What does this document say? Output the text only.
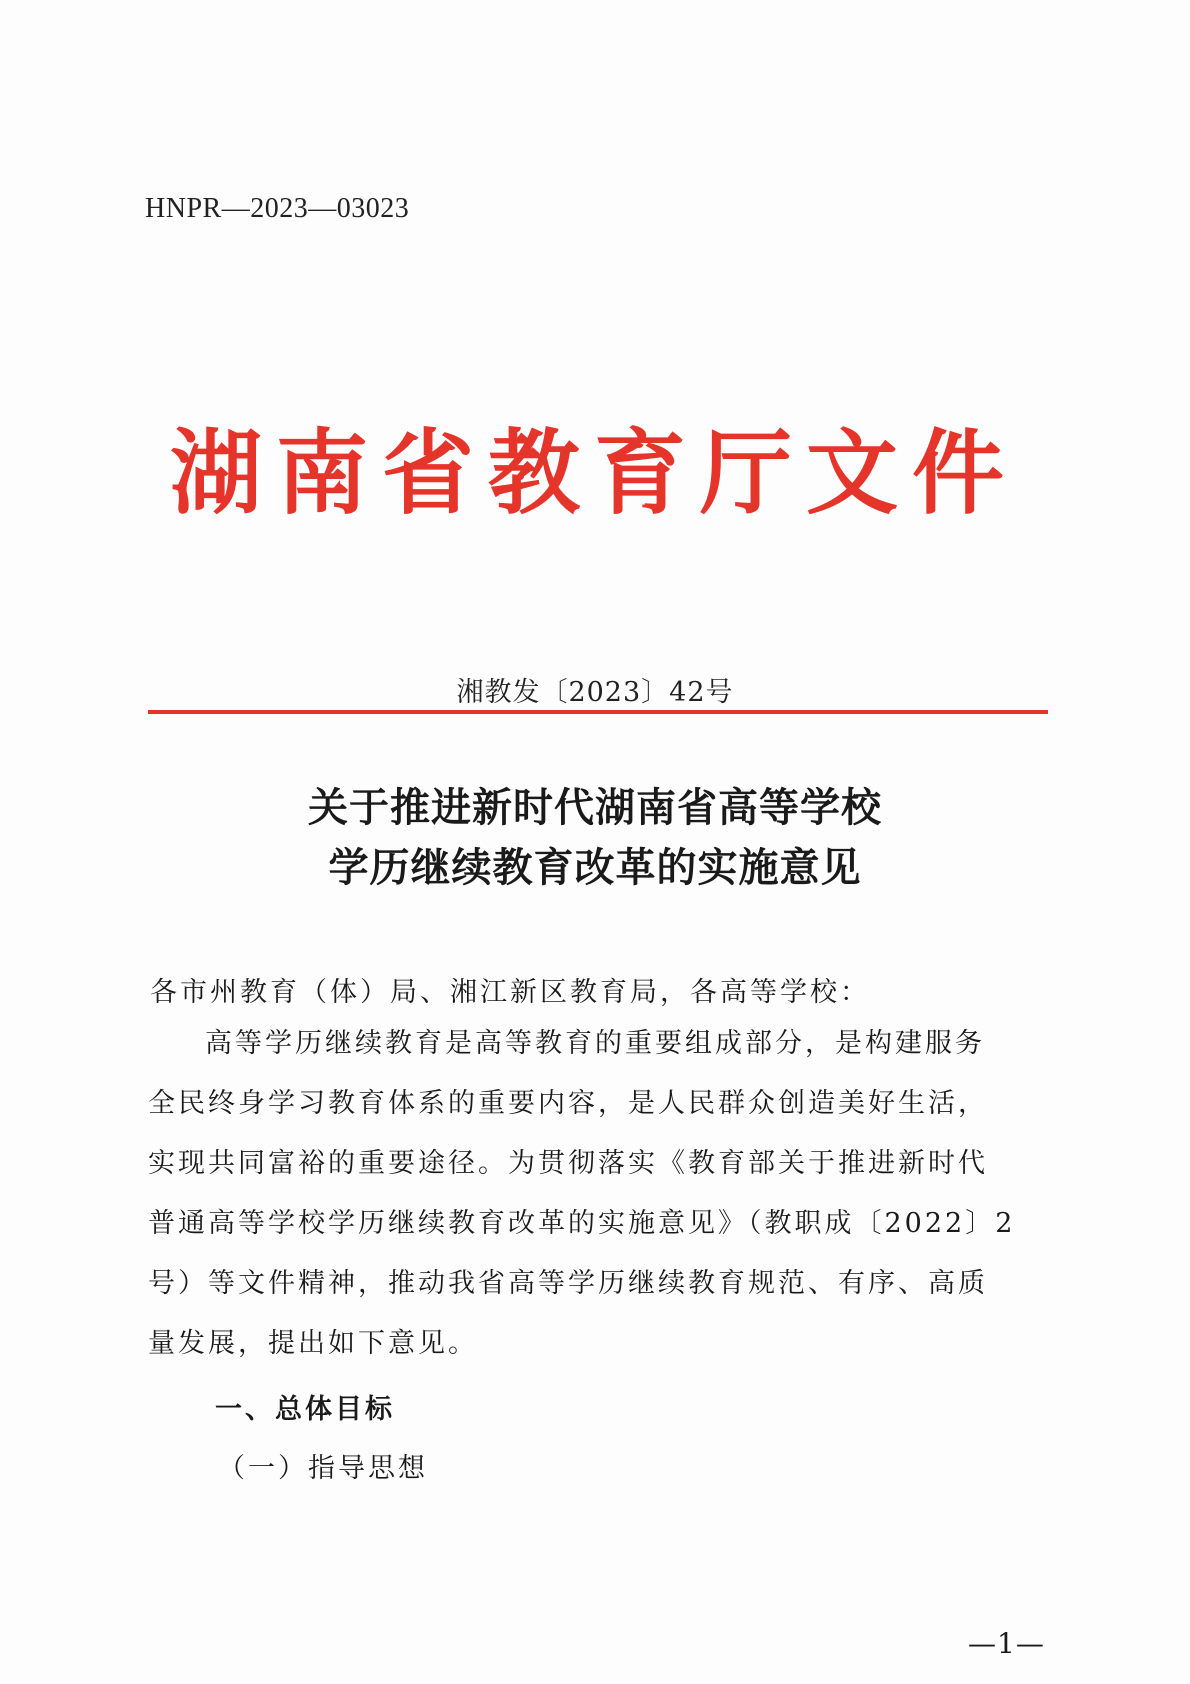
HNPR—2023—03023
湖南省教育厅文件
湘教发〔2023〕42号
关于推进新时代湖南省高等学校
学历继续教育改革的实施意见
各市州教育（体）局、湘江新区教育局，各高等学校：
高等学历继续教育是高等教育的重要组成部分，是构建服务
全民终身学习教育体系的重要内容，是人民群众创造美好生活，
实现共同富裕的重要途径。为贯彻落实《教育部关于推进新时代
普通高等学校学历继续教育改革的实施意见》（教职成〔2022〕2
号）等文件精神，推动我省高等学历继续教育规范、有序、高质
量发展，提出如下意见。
一、总体目标
（一）指导思想
—1—
